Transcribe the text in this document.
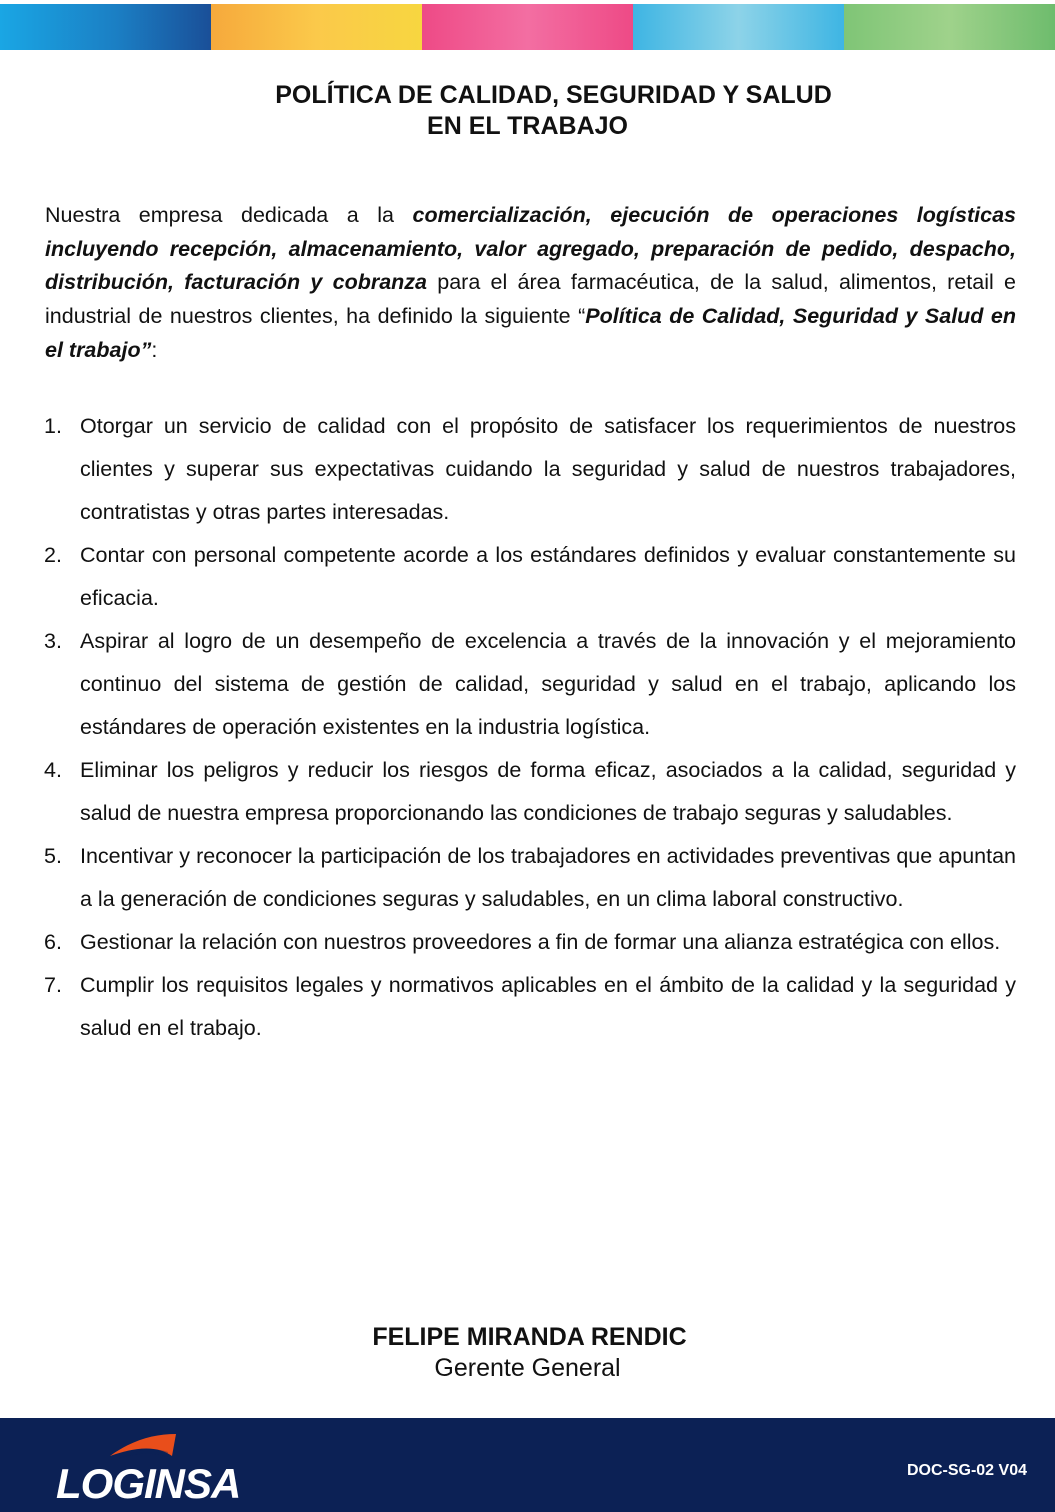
POLÍTICA DE CALIDAD, SEGURIDAD Y SALUD
EN EL TRABAJO

Nuestra empresa dedicada a la comercialización, ejecución de operaciones logísticas incluyendo recepción, almacenamiento, valor agregado, preparación de pedido, despacho, distribución, facturación y cobranza para el área farmacéutica, de la salud, alimentos, retail e industrial de nuestros clientes, ha definido la siguiente “Política de Calidad, Seguridad y Salud en el trabajo”:

1. Otorgar un servicio de calidad con el propósito de satisfacer los requerimientos de nuestros clientes y superar sus expectativas cuidando la seguridad y salud de nuestros trabajadores, contratistas y otras partes interesadas.
2. Contar con personal competente acorde a los estándares definidos y evaluar constantemente su eficacia.
3. Aspirar al logro de un desempeño de excelencia a través de la innovación y el mejoramiento continuo del sistema de gestión de calidad, seguridad y salud en el trabajo, aplicando los estándares de operación existentes en la industria logística.
4. Eliminar los peligros y reducir los riesgos de forma eficaz, asociados a la calidad, seguridad y salud de nuestra empresa proporcionando las condiciones de trabajo seguras y saludables.
5. Incentivar y reconocer la participación de los trabajadores en actividades preventivas que apuntan a la generación de condiciones seguras y saludables, en un clima laboral constructivo.
6. Gestionar la relación con nuestros proveedores a fin de formar una alianza estratégica con ellos.
7. Cumplir los requisitos legales y normativos aplicables en el ámbito de la calidad y la seguridad y salud en el trabajo.
FELIPE MIRANDA RENDIC
Gerente General
LOGINSA	DOC-SG-02 V04
